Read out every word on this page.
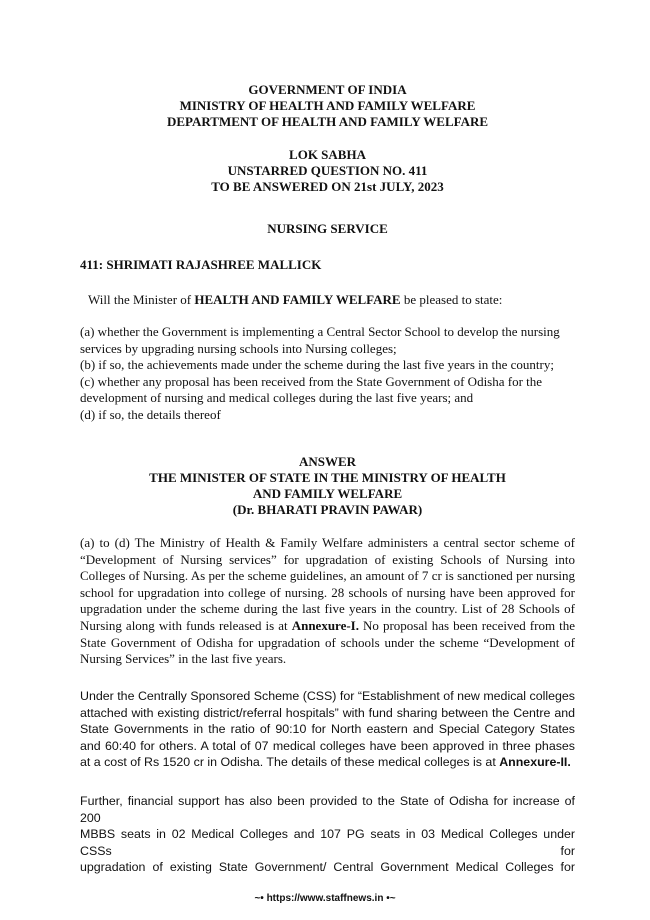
GOVERNMENT OF INDIA
MINISTRY OF HEALTH AND FAMILY WELFARE
DEPARTMENT OF HEALTH AND FAMILY WELFARE
LOK SABHA
UNSTARRED QUESTION NO. 411
TO BE ANSWERED ON 21st JULY, 2023
NURSING SERVICE
411: SHRIMATI RAJASHREE MALLICK

Will the Minister of HEALTH AND FAMILY WELFARE be pleased to state:

(a) whether the Government is implementing a Central Sector School to develop the nursing services by upgrading nursing schools into Nursing colleges;

(b) if so, the achievements made under the scheme during the last five years in the country;

(c) whether any proposal has been received from the State Government of Odisha for the development of nursing and medical colleges during the last five years; and

(d) if so, the details thereof

ANSWER
THE MINISTER OF STATE IN THE MINISTRY OF HEALTH
AND FAMILY WELFARE
(Dr. BHARATI PRAVIN PAWAR)

(a) to (d) The Ministry of Health & Family Welfare administers a central sector scheme of “Development of Nursing services” for upgradation of existing Schools of Nursing into Colleges of Nursing. As per the scheme guidelines, an amount of 7 cr is sanctioned per nursing school for upgradation into college of nursing. 28 schools of nursing have been approved for upgradation under the scheme during the last five years in the country. List of 28 Schools of Nursing along with funds released is at Annexure-I. No proposal has been received from the State Government of Odisha for upgradation of schools under the scheme “Development of Nursing Services” in the last five years.

Under the Centrally Sponsored Scheme (CSS) for “Establishment of new medical colleges attached with existing district/referral hospitals” with fund sharing between the Centre and State Governments in the ratio of 90:10 for North eastern and Special Category States and 60:40 for others. A total of 07 medical colleges have been approved in three phases at a cost of Rs 1520 cr in Odisha. The details of these medical colleges is at Annexure-II.

Further, financial support has also been provided to the State of Odisha for increase of 200
MBBS seats in 02 Medical Colleges and 107 PG seats in 03 Medical Colleges under CSSs for
upgradation of existing State Government/ Central Government Medical Colleges for

~• https://www.staffnews.in •~
